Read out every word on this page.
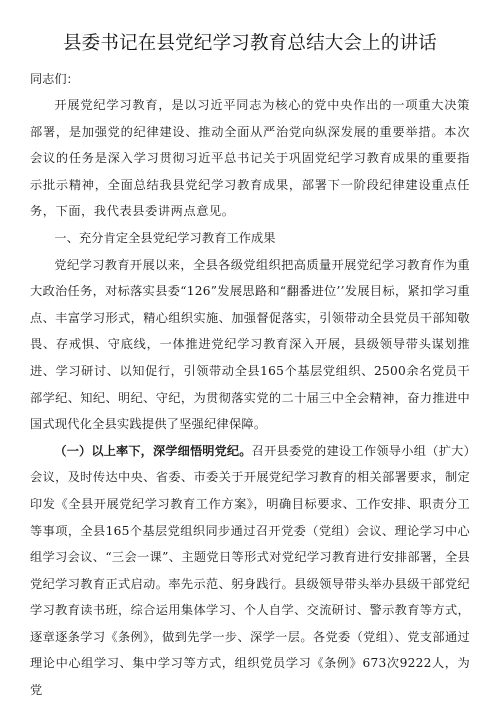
县委书记在县党纪学习教育总结大会上的讲话
同志们：

开展党纪学习教育，是以习近平同志为核心的党中央作出的一项重大决策部署，是加强党的纪律建设、推动全面从严治党向纵深发展的重要举措。本次会议的任务是深入学习贯彻习近平总书记关于巩固党纪学习教育成果的重要指示批示精神，全面总结我县党纪学习教育成果，部署下一阶段纪律建设重点任务，下面，我代表县委讲两点意见。

一、充分肯定全县党纪学习教育工作成果

党纪学习教育开展以来，全县各级党组织把高质量开展党纪学习教育作为重大政治任务，对标落实县委“126”发展思路和“翻番进位’’发展目标，紧扣学习重点、丰富学习形式，精心组织实施、加强督促落实，引领带动全县党员干部知敬畏、存戒惧、守底线，一体推进党纪学习教育深入开展，县级领导带头谋划推进、学习研讨、以知促行，引领带动全县165个基层党组织、2500余名党员干部学纪、知纪、明纪、守纪，为贯彻落实党的二十届三中全会精神，奋力推进中国式现代化全县实践提供了坚强纪律保障。

（一）以上率下，深学细悟明党纪。召开县委党的建设工作领导小组（扩大）会议，及时传达中央、省委、市委关于开展党纪学习教育的相关部署要求，制定印发《全县开展党纪学习教育工作方案》，明确目标要求、工作安排、职责分工等事项，全县165个基层党组织同步通过召开党委（党组）会议、理论学习中心组学习会议、“三会一课”、主题党日等形式对党纪学习教育进行安排部署，全县党纪学习教育正式启动。率先示范、躬身践行。县级领导带头举办县级干部党纪学习教育读书班，综合运用集体学习、个人自学、交流研讨、警示教育等方式，逐章逐条学习《条例》，做到先学一步、深学一层。各党委（党组）、党支部通过理论中心组学习、集中学习等方式，组织党员学习《条例》673次9222人，为党
